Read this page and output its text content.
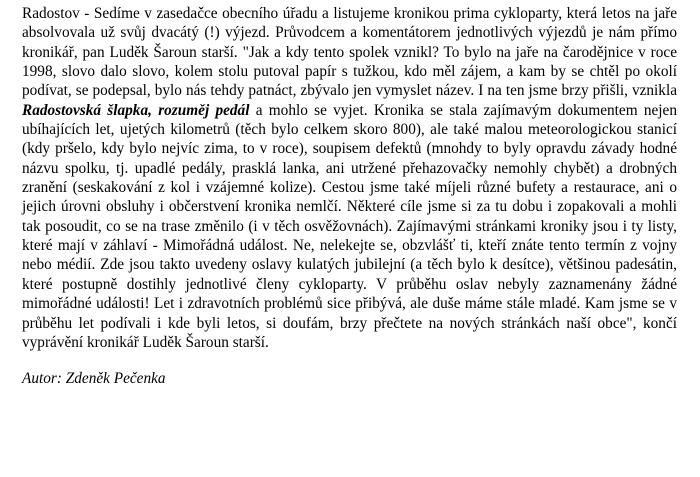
Radostov - Sedíme v zasedačce obecního úřadu a listujeme kronikou prima cykloparty, která letos na jaře absolvovala už svůj dvacátý (!) výjezd. Průvodcem a komentátorem jednotlivých výjezdů je nám přímo kronikář, pan Luděk Šaroun starší. "Jak a kdy tento spolek vznikl? To bylo na jaře na čarodějnice v roce 1998, slovo dalo slovo, kolem stolu putoval papír s tužkou, kdo měl zájem, a kam by se chtěl po okolí podívat, se podepsal, bylo nás tehdy patnáct, zbývalo jen vymyslet název. I na ten jsme brzy přišli, vznikla Radostovská šlapka, rozuměj pedál a mohlo se vyjet. Kronika se stala zajímavým dokumentem nejen ubíhajících let, ujetých kilometrů (těch bylo celkem skoro 800), ale také malou meteorologickou stanicí (kdy pršelo, kdy bylo nejvíc zima, to v roce), soupisem defektů (mnohdy to byly opravdu závady hodné názvu spolku, tj. upadlé pedály, prasklá lanka, ani utržené přehazovačky nemohly chybět) a drobných zranění (seskakování z kol i vzájemné kolize). Cestou jsme také míjeli různé bufety a restaurace, ani o jejich úrovni obsluhy i občerstvení kronika nemlčí. Některé cíle jsme si za tu dobu i zopakovali a mohli tak posoudit, co se na trase změnilo (i v těch osvěžovnách). Zajímavými stránkami kroniky jsou i ty listy, které mají v záhlaví - Mimořádná událost. Ne, nelekejte se, obzvlášť ti, kteří znáte tento termín z vojny nebo médií. Zde jsou takto uvedeny oslavy kulatých jubilejní (a těch bylo k desítce), většinou padesátin, které postupně dostihly jednotlivé členy cykloparty. V průběhu oslav nebyly zaznamenány žádné mimořádné události! Let i zdravotních problémů sice přibývá, ale duše máme stále mladé. Kam jsme se v průběhu let podívali i kde byli letos, si doufám, brzy přečtete na nových stránkách naší obce", končí vyprávění kronikář Luděk Šaroun starší.

Autor: Zdeněk Pečenka
